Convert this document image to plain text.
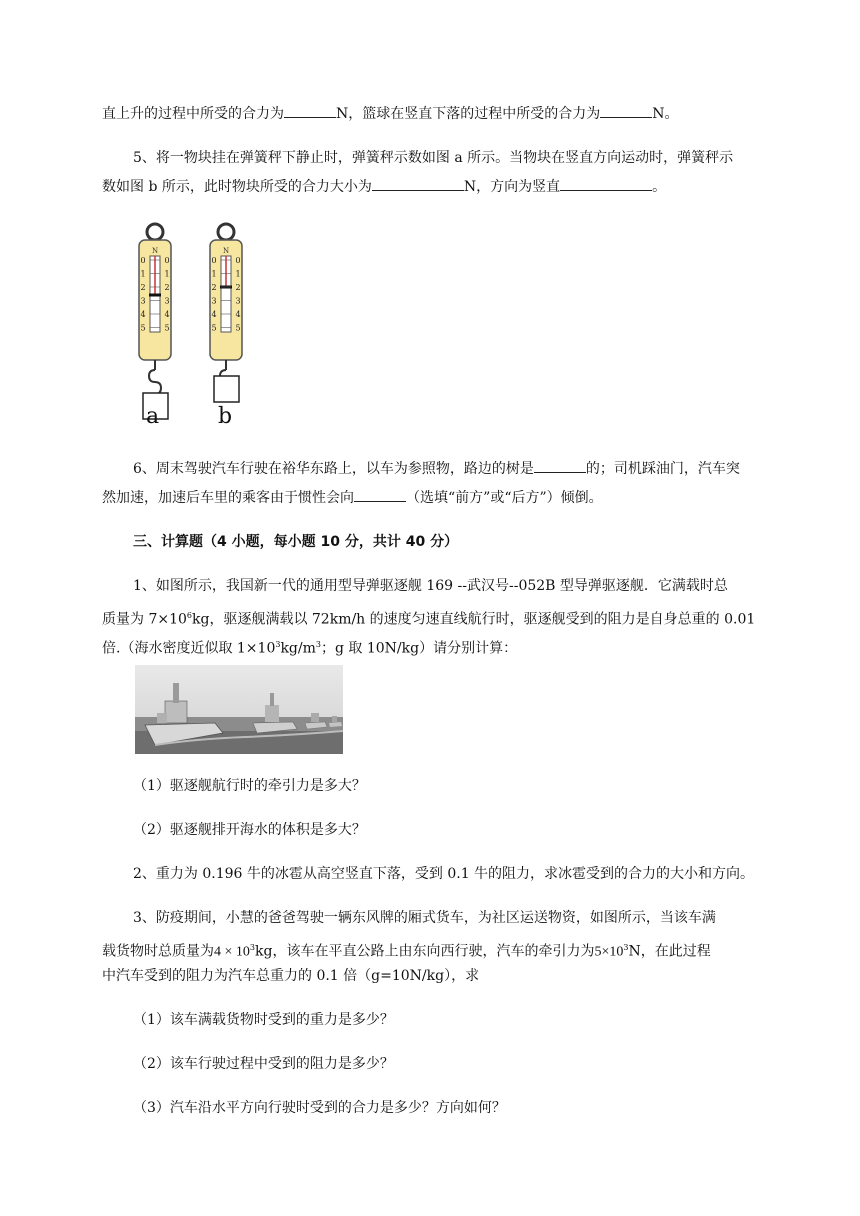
直上升的过程中所受的合力为	N，篮球在竖直下落的过程中所受的合力为	N。
5、将一物块挂在弹簧秤下静止时，弹簧秤示数如图 a 所示。当物块在竖直方向运动时，弹簧秤示
数如图 b 所示，此时物块所受的合力大小为	N，方向为竖直	。
N
0 0
1 1
2 2
3 3
4 4
5 5
N
0 0
1 1
2 2
3 3
4 4
5 5
a	b
6、周末驾驶汽车行驶在裕华东路上，以车为参照物，路边的树是	的；司机踩油门，汽车突
然加速，加速后车里的乘客由于惯性会向	（选填“前方”或“后方”）倾倒。
三、计算题（4 小题，每小题 10 分，共计 40 分）
1、如图所示，我国新一代的通用型导弹驱逐舰 169 --武汉号--052B 型导弹驱逐舰．它满载时总
质量为 $7\times 10^6kg$，驱逐舰满载以 72km/h 的速度匀速直线航行时，驱逐舰受到的阻力是自身总重的 0.01
倍.（海水密度近似取 $1\times 10^3kg/m^3$；g 取 10N/kg）请分别计算：
（1）驱逐舰航行时的牵引力是多大？
（2）驱逐舰排开海水的体积是多大？
2、重力为 0.196 牛的冰雹从高空竖直下落，受到 0.1 牛的阻力，求冰雹受到的合力的大小和方向。
3、防疫期间，小慧的爸爸驾驶一辆东风牌的厢式货车，为社区运送物资，如图所示，当该车满
载货物时总质量为$4 \times 10^3kg$，该车在平直公路上由东向西行驶，汽车的牵引力为$5\times 10^3N$，在此过程
中汽车受到的阻力为汽车总重力的 0.1 倍（g=10N/kg），求
（1）该车满载货物时受到的重力是多少？
（2）该车行驶过程中受到的阻力是多少？
（3）汽车沿水平方向行驶时受到的合力是多少？方向如何？
